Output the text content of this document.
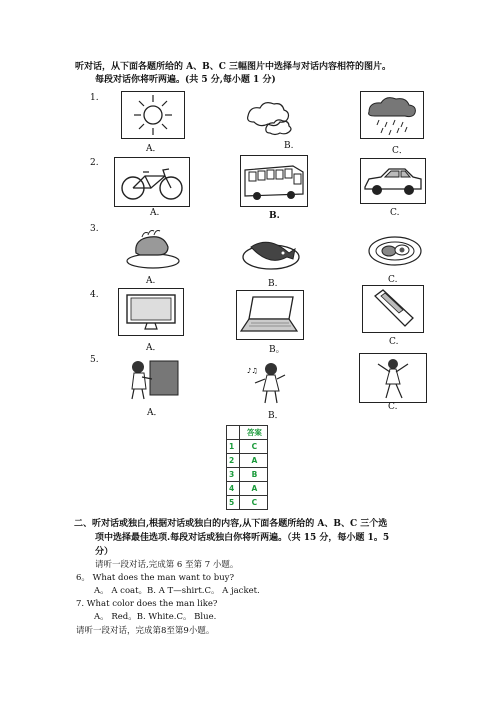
听对话，从下面各题所给的 A、B、C 三幅图片中选择与对话内容相符的图片。
每段对话你将听两遍。(共 5 分,每小题 1 分)
1.
2.
3.
4.
5.
A．	B.	C．
A.	B.	C.
A.	B.	C.
A．	B。
C.
♪♫
A．	B．
C.
	答案
1	C
2	A
3	B
4	A
5	C
二、听对话或独白,根据对话或独白的内容,从下面各题所给的 A、B、C 三个选
项中选择最佳选项.每段对话或独白你将听两遍。（共 15 分，每小题 1。5
分）
请听一段对话,完成第 6 至第 7 小题。
6。 What does the man want to buy?
A。 A coat。B. A T—shirt.C。 A jacket.
7. What color does the man like?
A。 Red。B. White.C。 Blue.
请听一段对话，完成第8至第9小题。
